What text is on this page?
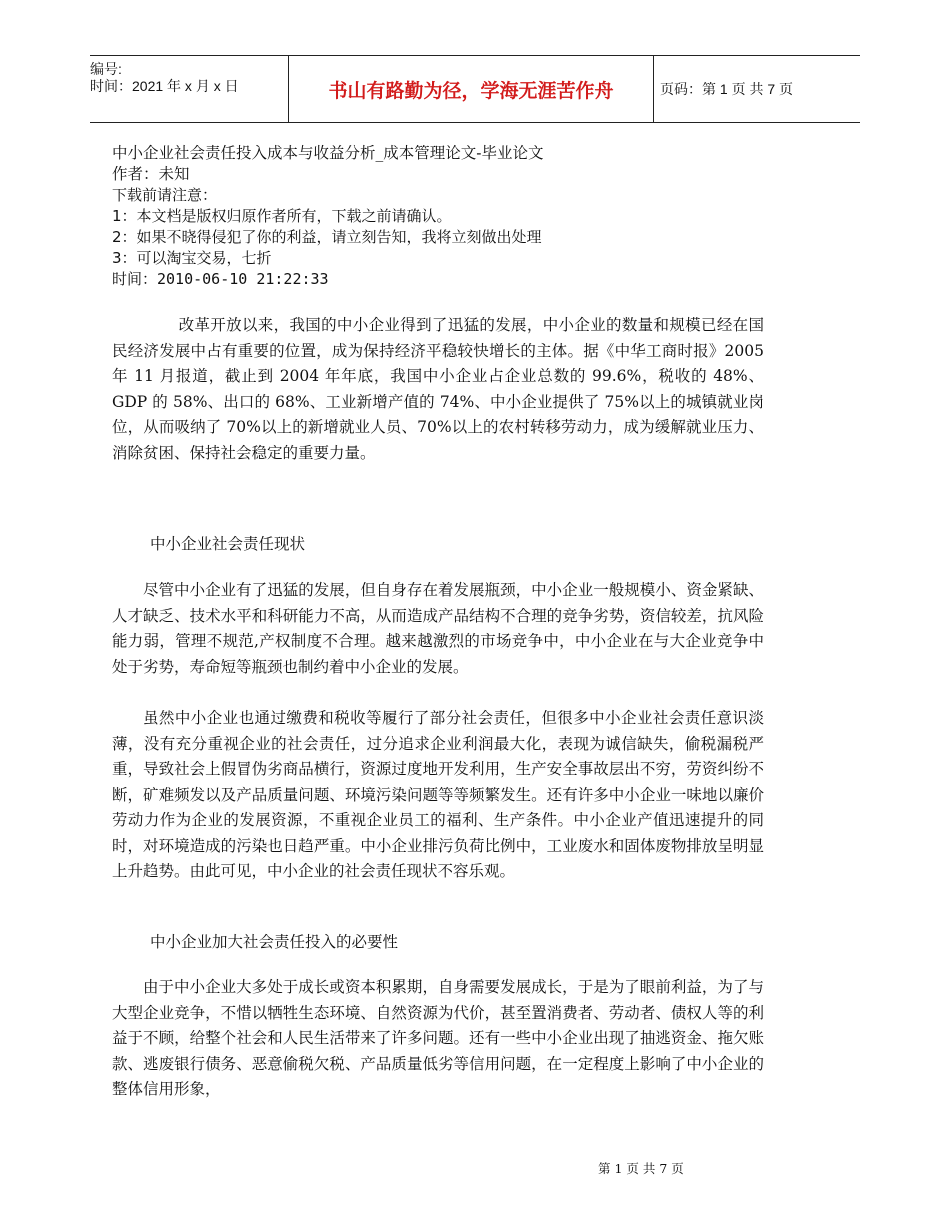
编号:
时间：2021 年 x 月 x 日	书山有路勤为径，学海无涯苦作舟	页码：第 1 页 共 7 页
中小企业社会责任投入成本与收益分析_成本管理论文-毕业论文
作者：未知
下载前请注意：
1：本文档是版权归原作者所有，下载之前请确认。
2：如果不晓得侵犯了你的利益，请立刻告知，我将立刻做出处理
3：可以淘宝交易，七折
时间：2010-06-10 21:22:33
改革开放以来，我国的中小企业得到了迅猛的发展，中小企业的数量和规模已经在国民经济发展中占有重要的位置，成为保持经济平稳较快增长的主体。据《中华工商时报》2005 年 11 月报道，截止到 2004 年年底，我国中小企业占企业总数的 99.6%，税收的 48%、 GDP 的 58%、出口的 68%、工业新增产值的 74%、中小企业提供了 75%以上的城镇就业岗位，从而吸纳了 70%以上的新增就业人员、70%以上的农村转移劳动力，成为缓解就业压力、消除贫困、保持社会稳定的重要力量。
中小企业社会责任现状
尽管中小企业有了迅猛的发展，但自身存在着发展瓶颈，中小企业一般规模小、资金紧缺、人才缺乏、技术水平和科研能力不高，从而造成产品结构不合理的竞争劣势，资信较差，抗风险能力弱，管理不规范,产权制度不合理。越来越激烈的市场竞争中，中小企业在与大企业竞争中处于劣势，寿命短等瓶颈也制约着中小企业的发展。
虽然中小企业也通过缴费和税收等履行了部分社会责任，但很多中小企业社会责任意识淡薄，没有充分重视企业的社会责任，过分追求企业利润最大化，表现为诚信缺失，偷税漏税严重，导致社会上假冒伪劣商品横行，资源过度地开发利用，生产安全事故层出不穷，劳资纠纷不断，矿难频发以及产品质量问题、环境污染问题等等频繁发生。还有许多中小企业一味地以廉价劳动力作为企业的发展资源，不重视企业员工的福利、生产条件。中小企业产值迅速提升的同时，对环境造成的污染也日趋严重。中小企业排污负荷比例中，工业废水和固体废物排放呈明显上升趋势。由此可见，中小企业的社会责任现状不容乐观。
中小企业加大社会责任投入的必要性
由于中小企业大多处于成长或资本积累期，自身需要发展成长，于是为了眼前利益，为了与大型企业竞争，不惜以牺牲生态环境、自然资源为代价，甚至置消费者、劳动者、债权人等的利益于不顾，给整个社会和人民生活带来了许多问题。还有一些中小企业出现了抽逃资金、拖欠账款、逃废银行债务、恶意偷税欠税、产品质量低劣等信用问题，在一定程度上影响了中小企业的整体信用形象，
第 1 页 共 7 页
